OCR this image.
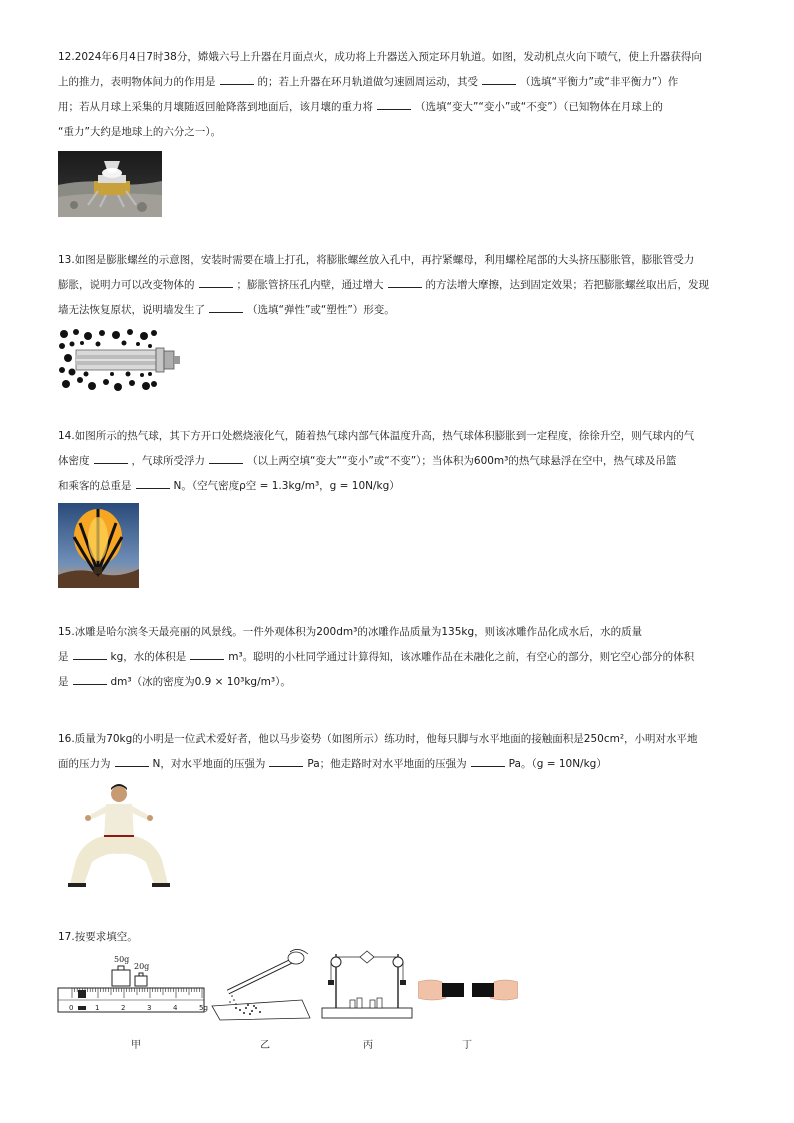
12.2024年6月4日7时38分，嫦娥六号上升器在月面点火，成功将上升器送入预定环月轨道。如图，发动机点火向下喷气，使上升器获得向

上的推力，表明物体间力的作用是	的；若上升器在环月轨道做匀速圆周运动，其受	（选填“平衡力”或“非平衡力”）作

用；若从月球上采集的月壤随返回舱降落到地面后，该月壤的重力将	（选填“变大”“变小”或“不变”）（已知物体在月球上的

“重力”大约是地球上的六分之一）。

13.如图是膨胀螺丝的示意图，安装时需要在墙上打孔，将膨胀螺丝放入孔中，再拧紧螺母，利用螺栓尾部的大头挤压膨胀管，膨胀管受力

膨胀，说明力可以改变物体的	；膨胀管挤压孔内壁，通过增大	的方法增大摩擦，达到固定效果；若把膨胀螺丝取出后，发现

墙无法恢复原状，说明墙发生了	（选填“弹性”或“塑性”）形变。

14.如图所示的热气球，其下方开口处燃烧液化气，随着热气球内部气体温度升高，热气球体积膨胀到一定程度，徐徐升空，则气球内的气

体密度	，气球所受浮力	（以上两空填“变大”“变小”或“不变”）；当体积为600m³的热气球悬浮在空中，热气球及吊篮

和乘客的总重是	N。（空气密度ρ空 = 1.3kg/m³，g = 10N/kg）

15.冰雕是哈尔滨冬天最亮丽的风景线。一件外观体积为200dm³的冰雕作品质量为135kg，则该冰雕作品化成水后，水的质量

是	kg，水的体积是	m³。聪明的小杜同学通过计算得知，该冰雕作品在未融化之前，有空心的部分，则它空心部分的体积

是	dm³（冰的密度为0.9 × 10³kg/m³）。

16.质量为70kg的小明是一位武术爱好者，他以马步姿势（如图所示）练功时，他每只脚与水平地面的接触面积是250cm²，小明对水平地

面的压力为	N，对水平地面的压强为	Pa；他走路时对水平地面的压强为	Pa。（g = 10N/kg）

17.按要求填空。

50g
20g
0	1	2	3	4	5g
甲	乙	丙	丁
